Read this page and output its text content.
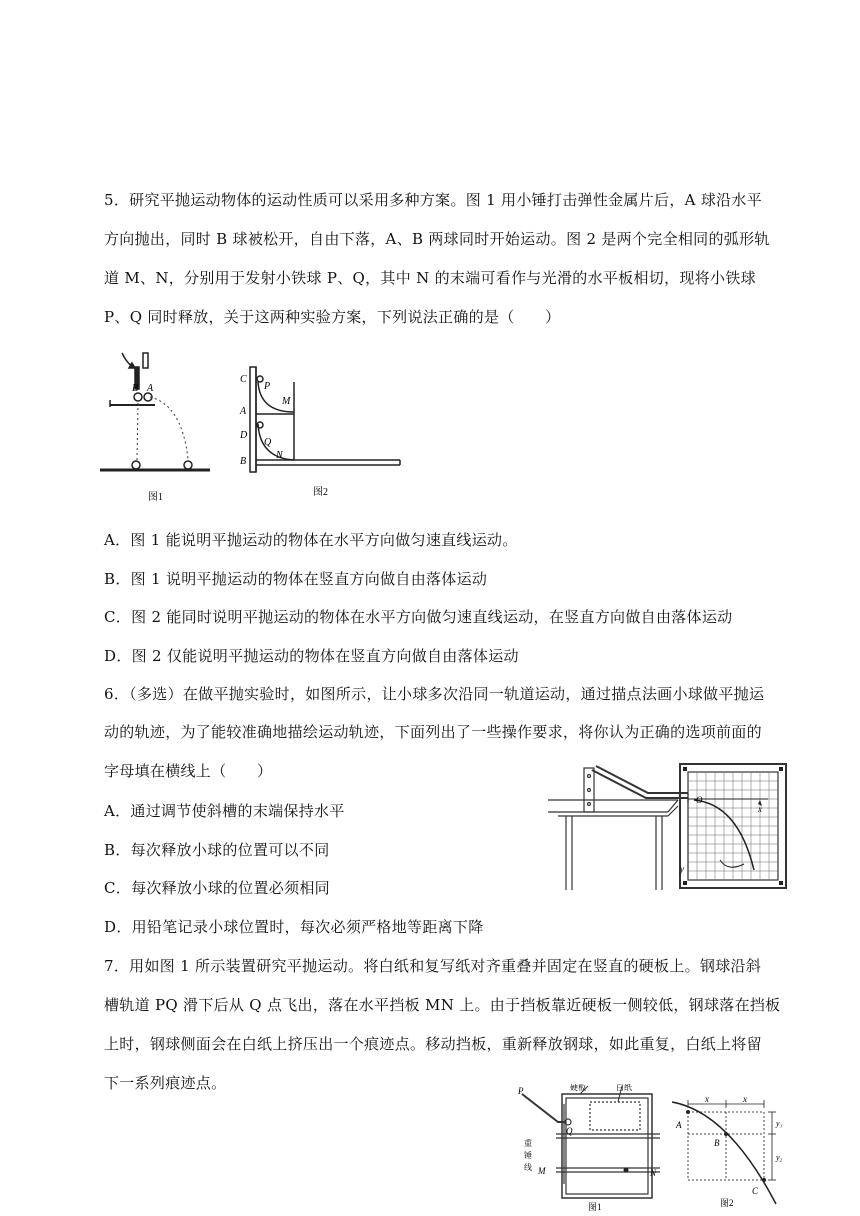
5．研究平抛运动物体的运动性质可以采用多种方案。图 1 用小锤打击弹性金属片后，A 球沿水平
方向抛出，同时 B 球被松开，自由下落，A、B 两球同时开始运动。图 2 是两个完全相同的弧形轨
道 M、N，分别用于发射小铁球 P、Q，其中 N 的末端可看作与光滑的水平板相切，现将小铁球
P、Q 同时释放，关于这两种实验方案，下列说法正确的是（　　）
B A
图1
C
P
M
A
D
Q
B
N
图2
A．图 1 能说明平抛运动的物体在水平方向做匀速直线运动。
B．图 1 说明平抛运动的物体在竖直方向做自由落体运动
C．图 2 能同时说明平抛运动的物体在水平方向做匀速直线运动，在竖直方向做自由落体运动
D．图 2 仅能说明平抛运动的物体在竖直方向做自由落体运动
6．（多选）在做平抛实验时，如图所示，让小球多次沿同一轨道运动，通过描点法画小球做平抛运
动的轨迹，为了能较准确地描绘运动轨迹，下面列出了一些操作要求，将你认为正确的选项前面的
字母填在横线上（　　）
O
x
y
A．通过调节使斜槽的末端保持水平
B．每次释放小球的位置可以不同
C．每次释放小球的位置必须相同
D．用铅笔记录小球位置时，每次必须严格地等距离下降
7．用如图 1 所示装置研究平抛运动。将白纸和复写纸对齐重叠并固定在竖直的硬板上。钢球沿斜
槽轨道 PQ 滑下后从 Q 点飞出，落在水平挡板 MN 上。由于挡板靠近硬板一侧较低，钢球落在挡板
上时，钢球侧面会在白纸上挤压出一个痕迹点。移动挡板，重新释放钢球，如此重复，白纸上将留
下一系列痕迹点。	硬板	白纸
P
Q
重
锤
线 M	N
图1
x	x
A
B
C
y₁
y₂
图2
